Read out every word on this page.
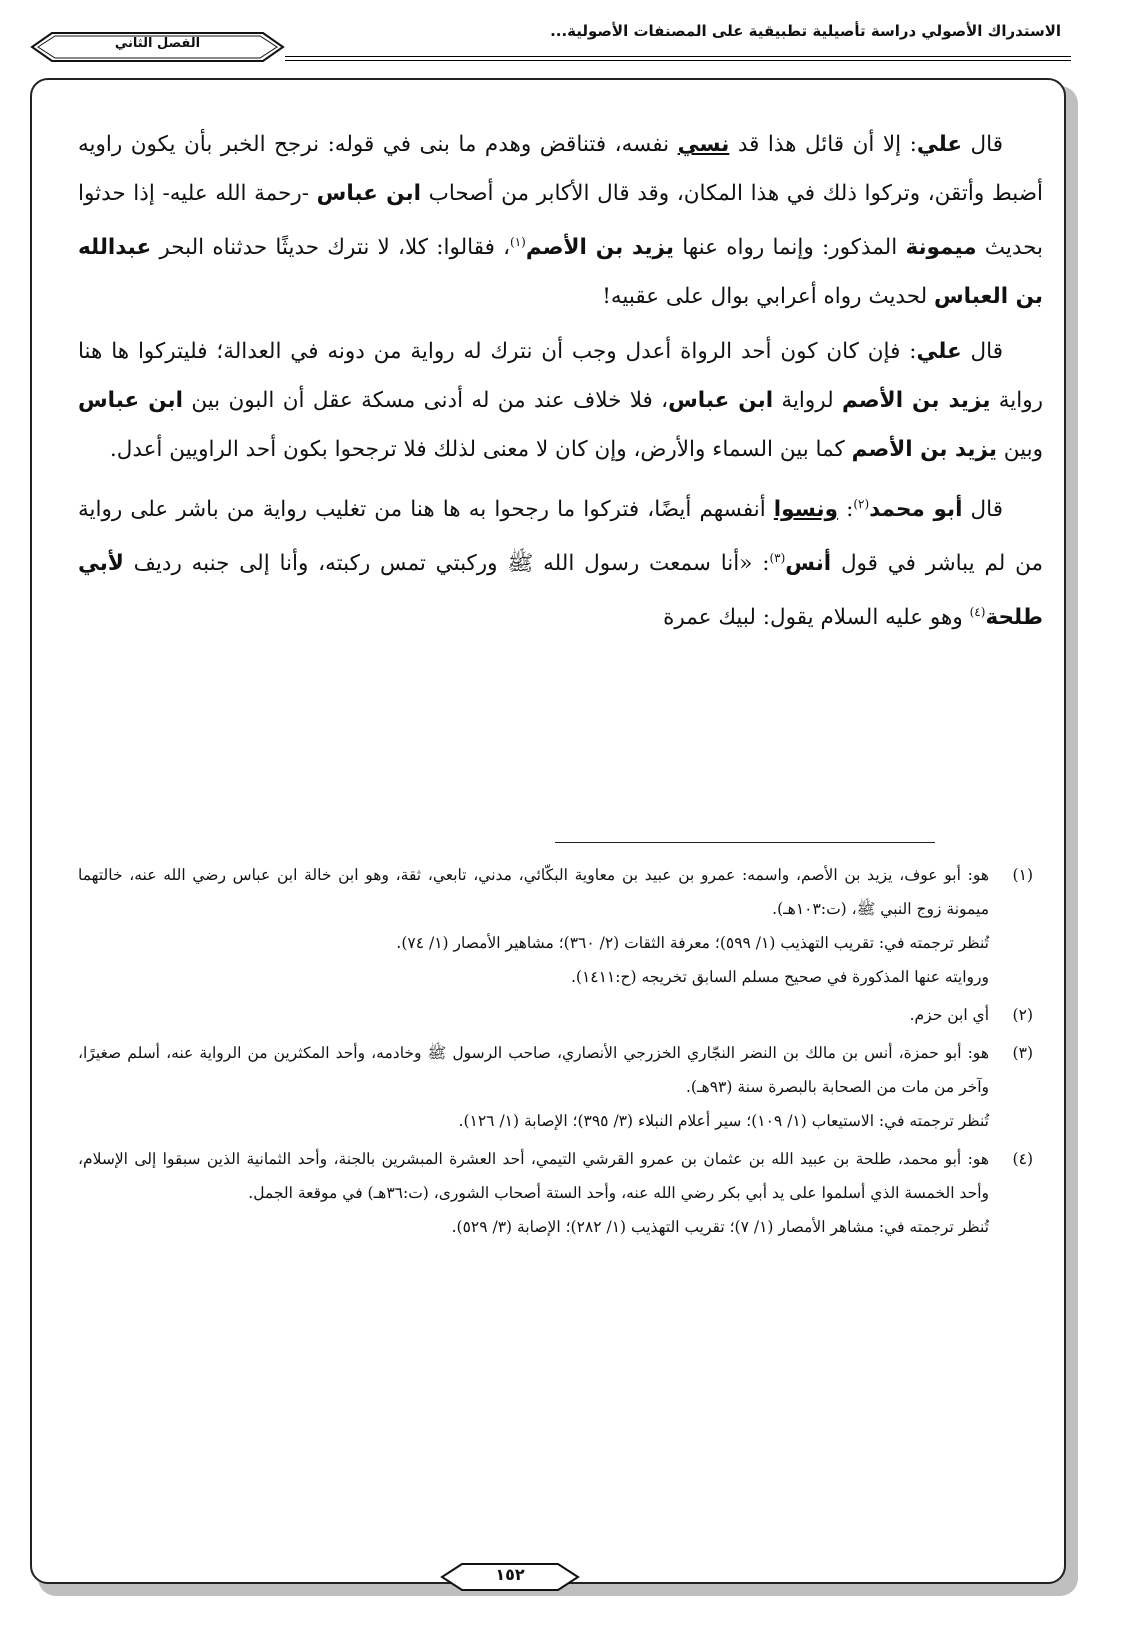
الاستدراك الأصولي دراسة تأصيلية تطبيقية على المصنفات الأصولية...
الفصل الثاني

قال علي: إلا أن قائل هذا قد نسي نفسه، فتناقض وهدم ما بنى في قوله: نرجح الخبر بأن يكون راويه أضبط وأتقن، وتركوا ذلك في هذا المكان، وقد قال الأكابر من أصحاب ابن عباس -رحمة الله عليه- إذا حدثوا بحديث ميمونة المذكور: وإنما رواه عنها يزيد بن الأصم$^{(١)}$، فقالوا: كلا، لا نترك حديثًا حدثناه البحر عبدالله بن العباس لحديث رواه أعرابي بوال على عقبيه!

قال علي: فإن كان كون أحد الرواة أعدل وجب أن نترك له رواية من دونه في العدالة؛ فليتركوا ها هنا رواية يزيد بن الأصم لرواية ابن عباس، فلا خلاف عند من له أدنى مسكة عقل أن البون بين ابن عباس وبين يزيد بن الأصم كما بين السماء والأرض، وإن كان لا معنى لذلك فلا ترجحوا بكون أحد الراويين أعدل.

قال أبو محمد$^{(٢)}$: ونسوا أنفسهم أيضًا، فتركوا ما رجحوا به ها هنا من تغليب رواية من باشر على رواية من لم يباشر في قول أنس$^{(٣)}$: «أنا سمعت رسول الله ﷺ وركبتي تمس ركبته، وأنا إلى جنبه رديف لأبي طلحة$^{(٤)}$ وهو عليه السلام يقول: لبيك عمرة

(١)
هو: أبو عوف، يزيد بن الأصم، واسمه: عمرو بن عبيد بن معاوية البكّائي، مدني، تابعي، ثقة، وهو ابن خالة ابن عباس رضي الله عنه، خالتهما ميمونة زوج النبي ﷺ، (ت:١٠٣هـ).
تُنظر ترجمته في: تقريب التهذيب (١/ ٥٩٩)؛ معرفة الثقات (٢/ ٣٦٠)؛ مشاهير الأمصار (١/ ٧٤).
وروايته عنها المذكورة في صحيح مسلم السابق تخريجه (ح:١٤١١).
(٢)
أي ابن حزم.
(٣)
هو: أبو حمزة، أنس بن مالك بن النضر النجّاري الخزرجي الأنصاري، صاحب الرسول ﷺ وخادمه، وأحد المكثرين من الرواية عنه، أسلم صغيرًا، وآخر من مات من الصحابة بالبصرة سنة (٩٣هـ).
تُنظر ترجمته في: الاستيعاب (١/ ١٠٩)؛ سير أعلام النبلاء (٣/ ٣٩٥)؛ الإصابة (١/ ١٢٦).
(٤)
هو: أبو محمد، طلحة بن عبيد الله بن عثمان بن عمرو القرشي التيمي، أحد العشرة المبشرين بالجنة، وأحد الثمانية الذين سبقوا إلى الإسلام، وأحد الخمسة الذي أسلموا على يد أبي بكر رضي الله عنه، وأحد الستة أصحاب الشورى، (ت:٣٦هـ) في موقعة الجمل.
تُنظر ترجمته في: مشاهر الأمصار (١/ ٧)؛ تقريب التهذيب (١/ ٢٨٢)؛ الإصابة (٣/ ٥٢٩).
١٥٢
